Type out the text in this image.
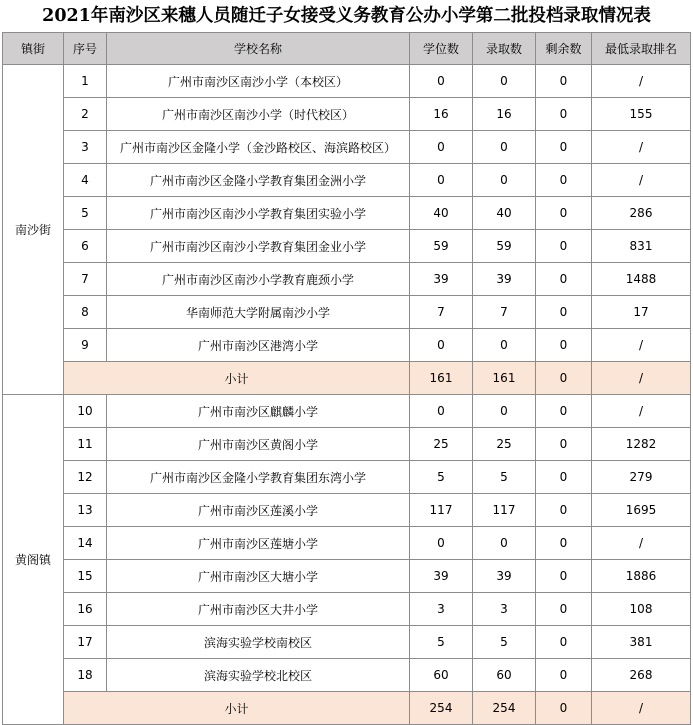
2021年南沙区来穗人员随迁子女接受义务教育公办小学第二批投档录取情况表
镇街	序号	学校名称	学位数	录取数	剩余数	最低录取排名
南沙街	1	广州市南沙区南沙小学（本校区）	0	0	0	/
	2	广州市南沙区南沙小学（时代校区）	16	16	0	155
	3	广州市南沙区金隆小学（金沙路校区、海滨路校区）	0	0	0	/
	4	广州市南沙区金隆小学教育集团金洲小学	0	0	0	/
	5	广州市南沙区南沙小学教育集团实验小学	40	40	0	286
	6	广州市南沙区南沙小学教育集团金业小学	59	59	0	831
	7	广州市南沙区南沙小学教育鹿颈小学	39	39	0	1488
	8	华南师范大学附属南沙小学	7	7	0	17
	9	广州市南沙区港湾小学	0	0	0	/
	小计		161	161	0	/
黄阁镇	10	广州市南沙区麒麟小学	0	0	0	/
	11	广州市南沙区黄阁小学	25	25	0	1282
	12	广州市南沙区金隆小学教育集团东湾小学	5	5	0	279
	13	广州市南沙区莲溪小学	117	117	0	1695
	14	广州市南沙区莲塘小学	0	0	0	/
	15	广州市南沙区大塘小学	39	39	0	1886
	16	广州市南沙区大井小学	3	3	0	108
	17	滨海实验学校南校区	5	5	0	381
	18	滨海实验学校北校区	60	60	0	268
	小计		254	254	0	/
